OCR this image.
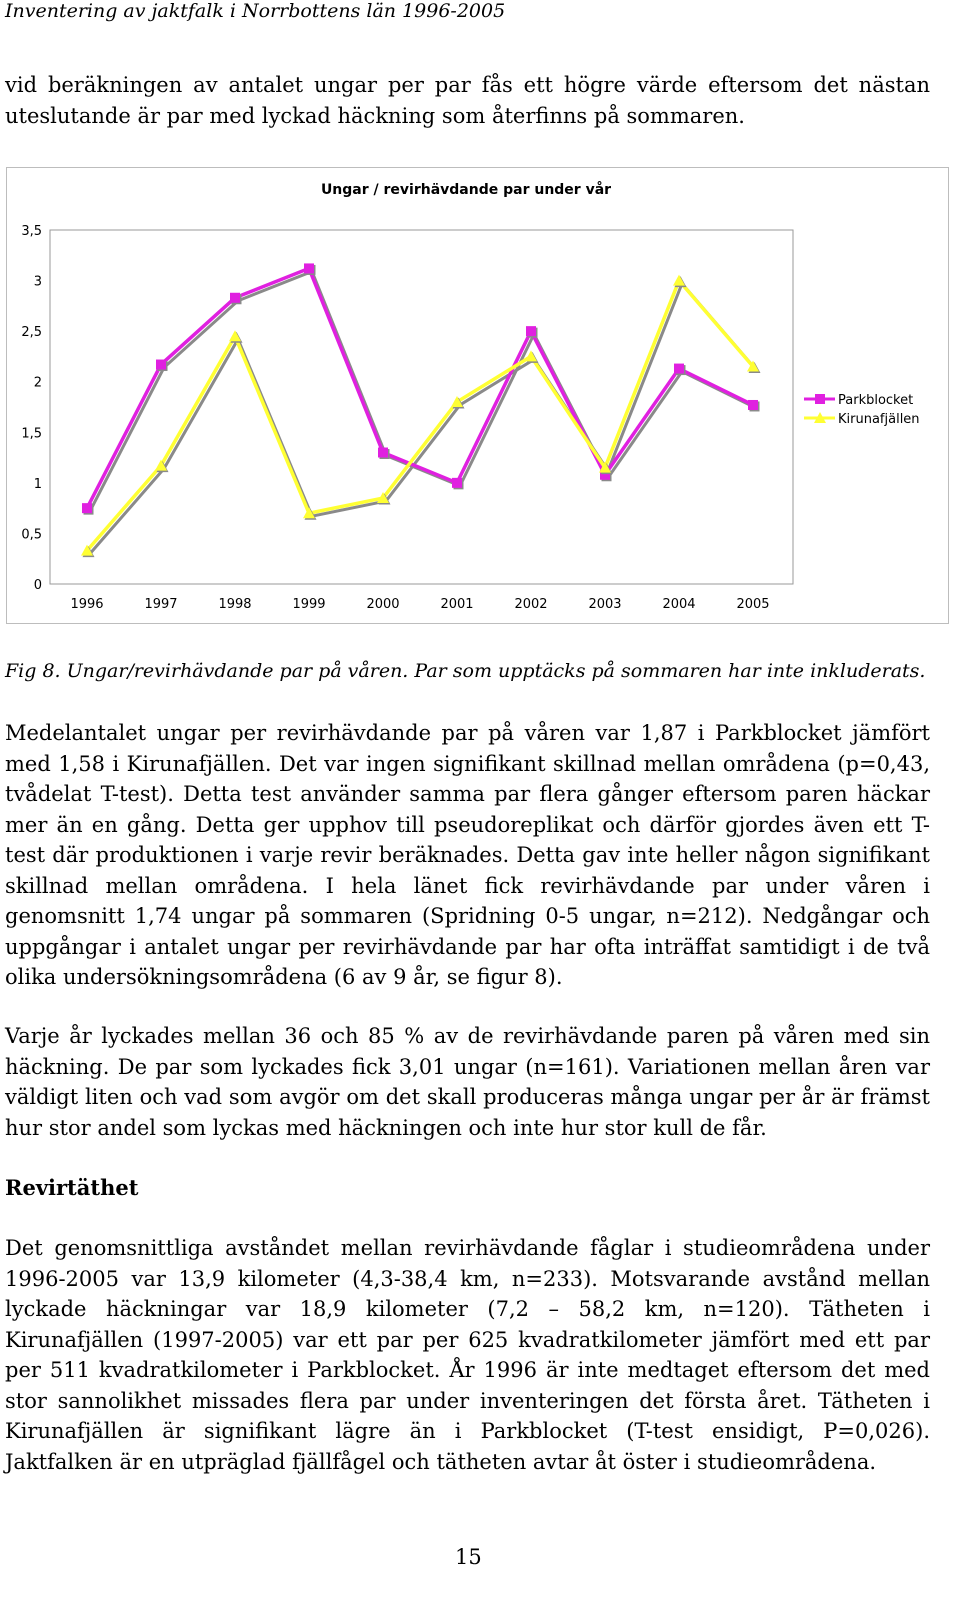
Inventering av jaktfalk i Norrbottens län 1996-2005

vid beräkningen av antalet ungar per par fås ett högre värde eftersom det nästan uteslutande är par med lyckad häckning som återfinns på sommaren.

Ungar / revirhävdande par under vår
0
0,5
1
1,5
2
2,5
3
3,5
1996	1997	1998	1999	2000	2001	2002	2003	2004	2005
Parkblocket
Kirunafjällen
Fig 8. Ungar/revirhävdande par på våren. Par som upptäcks på sommaren har inte inkluderats.

Medelantalet ungar per revirhävdande par på våren var 1,87 i Parkblocket jämfört med 1,58 i Kirunafjällen. Det var ingen signifikant skillnad mellan områdena (p=0,43, tvådelat T-test). Detta test använder samma par flera gånger eftersom paren häckar mer än en gång. Detta ger upphov till pseudoreplikat och därför gjordes även ett T-test där produktionen i varje revir beräknades. Detta gav inte heller någon signifikant skillnad mellan områdena. I hela länet fick revirhävdande par under våren i genomsnitt 1,74 ungar på sommaren (Spridning 0-5 ungar, n=212). Nedgångar och uppgångar i antalet ungar per revirhävdande par har ofta inträffat samtidigt i de två olika undersökningsområdena (6 av 9 år, se figur 8).

Varje år lyckades mellan 36 och 85 % av de revirhävdande paren på våren med sin häckning. De par som lyckades fick 3,01 ungar (n=161). Variationen mellan åren var väldigt liten och vad som avgör om det skall produceras många ungar per år är främst hur stor andel som lyckas med häckningen och inte hur stor kull de får.

Revirtäthet

Det genomsnittliga avståndet mellan revirhävdande fåglar i studieområdena under 1996-2005 var 13,9 kilometer (4,3-38,4 km, n=233). Motsvarande avstånd mellan lyckade häckningar var 18,9 kilometer (7,2 – 58,2 km, n=120). Tätheten i Kirunafjällen (1997-2005) var ett par per 625 kvadratkilometer jämfört med ett par per 511 kvadratkilometer i Parkblocket. År 1996 är inte medtaget eftersom det med stor sannolikhet missades flera par under inventeringen det första året. Tätheten i Kirunafjällen är signifikant lägre än i Parkblocket (T-test ensidigt, P=0,026). Jaktfalken är en utpräglad fjällfågel och tätheten avtar åt öster i studieområdena.

15
